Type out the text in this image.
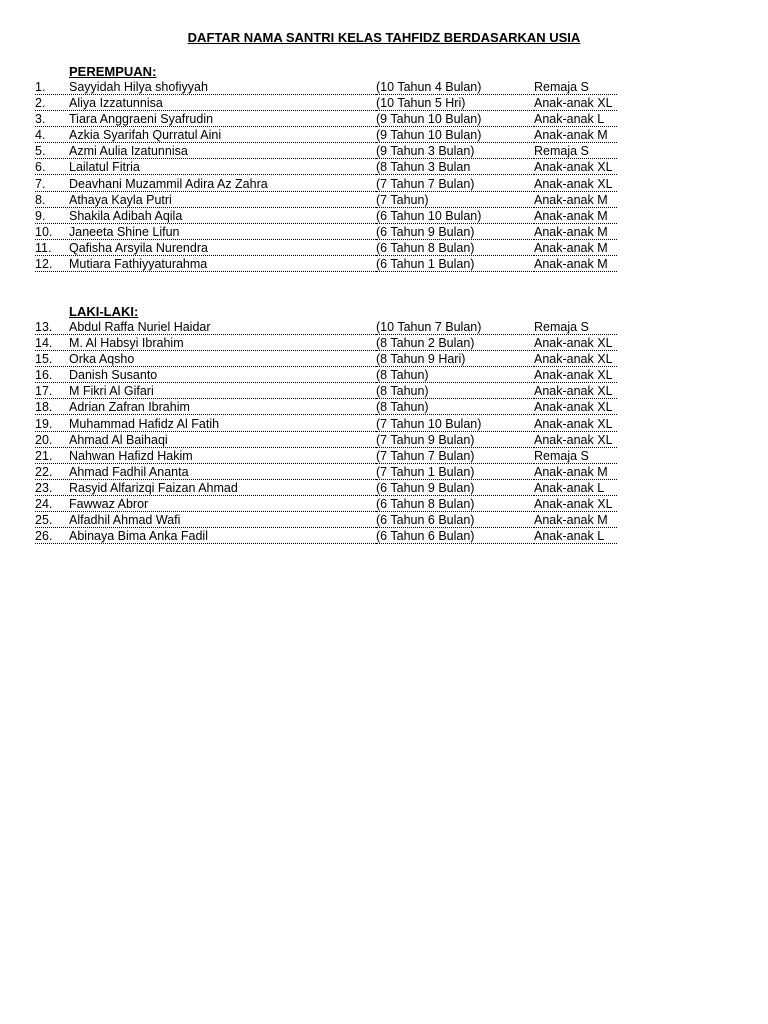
DAFTAR NAMA SANTRI KELAS TAHFIDZ BERDASARKAN USIA
PEREMPUAN:
1.	Sayyidah Hilya shofiyyah	(10 Tahun 4 Bulan)	Remaja S
2.	Aliya Izzatunnisa	(10 Tahun 5 Hri)	Anak-anak XL
3.	Tiara Anggraeni Syafrudin	(9 Tahun 10 Bulan)	Anak-anak L
4.	Azkia Syarifah Qurratul Aini	(9 Tahun 10 Bulan)	Anak-anak M
5.	Azmi Aulia Izatunnisa	(9 Tahun 3 Bulan)	Remaja S
6.	Lailatul Fitria	(8 Tahun 3 Bulan	Anak-anak XL
7.	Deavhani Muzammil Adira Az Zahra	(7 Tahun 7 Bulan)	Anak-anak XL
8.	Athaya Kayla Putri	(7 Tahun)	Anak-anak M
9.	Shakila Adibah Aqila	(6 Tahun 10 Bulan)	Anak-anak M
10.	Janeeta Shine Lifun	(6 Tahun 9 Bulan)	Anak-anak M
11.	Qafisha Arsyila Nurendra	(6 Tahun 8 Bulan)	Anak-anak M
12.	Mutiara Fathiyyaturahma	(6 Tahun 1 Bulan)	Anak-anak M
LAKI-LAKI:
13.	Abdul Raffa Nuriel Haidar	(10 Tahun 7 Bulan)	Remaja S
14.	M. Al Habsyi Ibrahim	(8 Tahun 2 Bulan)	Anak-anak XL
15.	Orka Aqsho	(8 Tahun 9 Hari)	Anak-anak XL
16.	Danish Susanto	(8 Tahun)	Anak-anak XL
17.	M Fikri Al Gifari	(8 Tahun)	Anak-anak XL
18.	Adrian Zafran Ibrahim	(8 Tahun)	Anak-anak XL
19.	Muhammad Hafidz Al Fatih	(7 Tahun 10 Bulan)	Anak-anak XL
20.	Ahmad Al Baihaqi	(7 Tahun 9 Bulan)	Anak-anak XL
21.	Nahwan Hafizd Hakim	(7 Tahun 7 Bulan)	Remaja S
22.	Ahmad Fadhil Ananta	(7 Tahun 1 Bulan)	Anak-anak M
23.	Rasyid Alfarizqi Faizan Ahmad	(6 Tahun 9 Bulan)	Anak-anak L
24.	Fawwaz Abror	(6 Tahun 8 Bulan)	Anak-anak XL
25.	Alfadhil Ahmad Wafi	(6 Tahun 6 Bulan)	Anak-anak M
26.	Abinaya Bima Anka Fadil	(6 Tahun 6 Bulan)	Anak-anak L
